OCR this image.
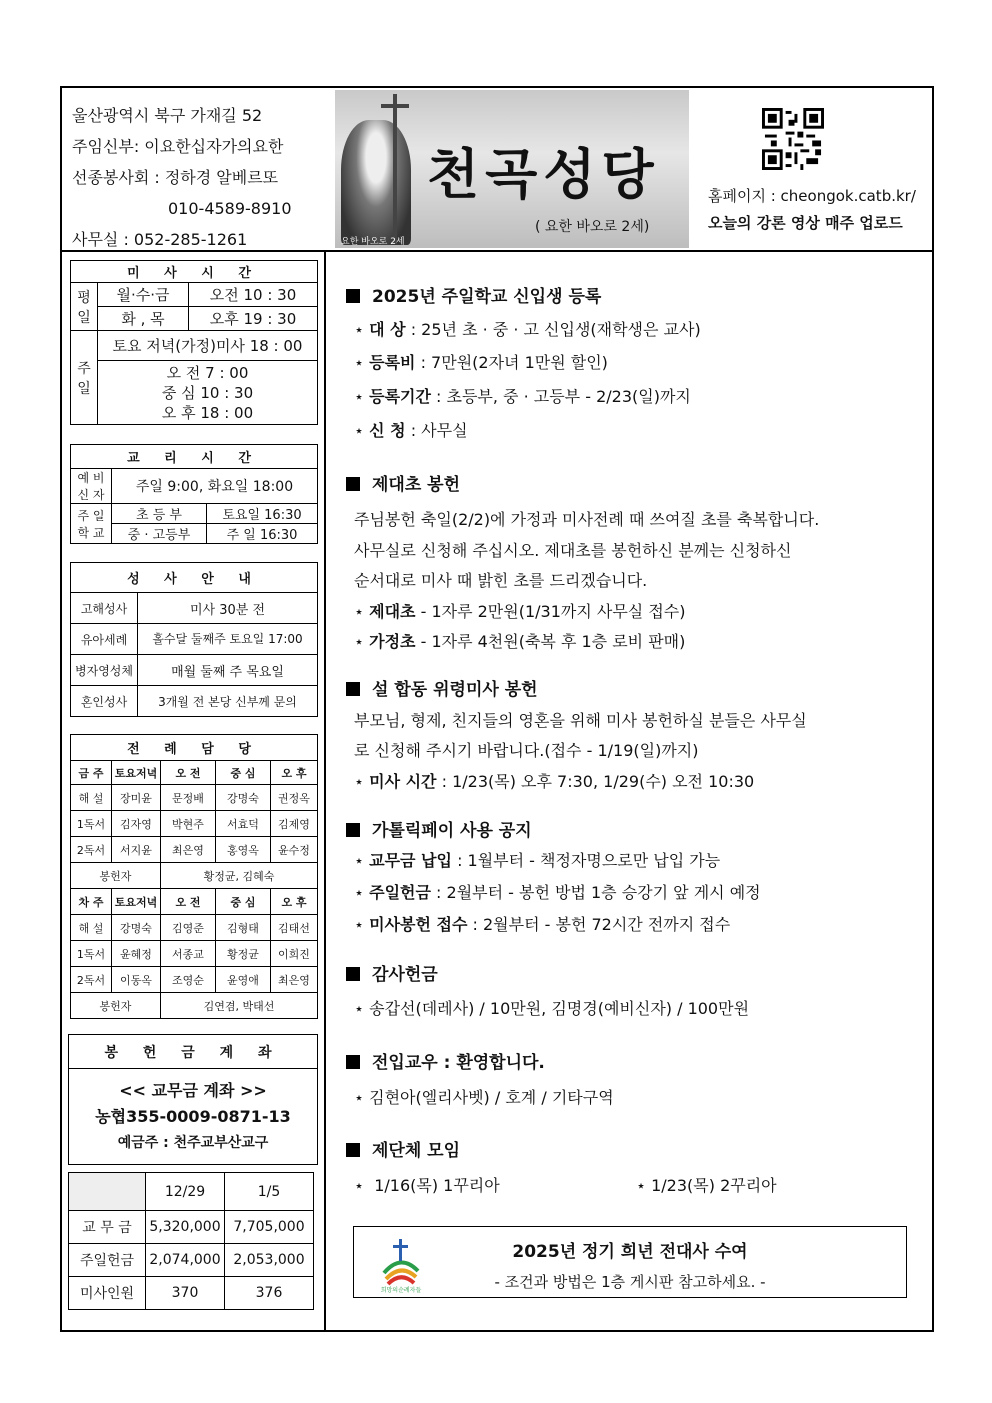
울산광역시 북구 가재길 52
주임신부: 이요한십자가의요한
선종봉사회 : 정하경 알베르또
010-4589-8910
사무실 : 052-285-1261
천곡성당
( 요한 바오로 2세)
요한 바오로 2세
홈페이지 : cheongok.catb.kr/
오늘의 강론 영상 매주 업로드
미 사 시 간		
평 일	월·수·금	오전 10 : 30
	화 , 목	오후 19 : 30
주 일	토요 저녁(가정)미사 18 : 00	

	오 전 7 : 00
중 심 10 : 30
오 후 18 : 00	
교 리 시 간		
예 비 신 자	주일 9:00, 화요일 18:00	
주 일 학 교	초 등 부	토요일 16:30
	중 · 고등부	주 일 16:30
성 사 안 내	
고해성사	미사 30분 전
유아세례	홀수달 둘째주 토요일 17:00
병자영성체	매월 둘째 주 목요일
혼인성사	3개월 전 본당 신부께 문의
전 례 담 당				
금 주	토요저녁	오 전	중 심	오 후
해 설	장미윤	문정배	강명숙	권정옥
1독서	김자영	박현주	서효덕	김제영
2독서	서지윤	최은영	홍영옥	윤수정
봉헌자		황정균, 김혜숙		
차 주	토요저녁	오 전	중 심	오 후
해 설	강명숙	김영준	김형태	김태선
1독서	윤혜정	서종교	황정균	이희진
2독서	이동옥	조영순	윤영애	최은영
봉헌자		김연겸, 박태선		
봉 헌 금 계 좌

<< 교무금 계좌 >>
농협355-0009-0871-13
예금주 : 천주교부산교구
	12/29	1/5
교 무 금	5,320,000	7,705,000
주일헌금	2,074,000	2,053,000
미사인원	370	376
2025년 주일학교 신입생 등록
⋆ 대 상 : 25년 초 · 중 · 고 신입생(재학생은 교사)
⋆ 등록비 : 7만원(2자녀 1만원 할인)
⋆ 등록기간 : 초등부, 중 · 고등부 - 2/23(일)까지
⋆ 신 청 : 사무실
제대초 봉헌
주님봉헌 축일(2/2)에 가정과 미사전례 때 쓰여질 초를 축복합니다.
사무실로 신청해 주십시오. 제대초를 봉헌하신 분께는 신청하신
순서대로 미사 때 밝힌 초를 드리겠습니다.
⋆ 제대초 - 1자루 2만원(1/31까지 사무실 접수)
⋆ 가정초 - 1자루 4천원(축복 후 1층 로비 판매)
설 합동 위령미사 봉헌
부모님, 형제, 친지들의 영혼을 위해 미사 봉헌하실 분들은 사무실
로 신청해 주시기 바랍니다.(접수 - 1/19(일)까지)
⋆ 미사 시간 : 1/23(목) 오후 7:30, 1/29(수) 오전 10:30
가톨릭페이 사용 공지
⋆ 교무금 납입 : 1월부터 - 책정자명으로만 납입 가능
⋆ 주일헌금 : 2월부터 - 봉헌 방법 1층 승강기 앞 게시 예정
⋆ 미사봉헌 접수 : 2월부터 - 봉헌 72시간 전까지 접수
감사헌금
⋆ 송갑선(데레사) / 10만원, 김명경(예비신자) / 100만원
전입교우 : 환영합니다.
⋆ 김현아(엘리사벳) / 호계 / 기타구역
제단체 모임
⋆  1/16(목) 1꾸리아	⋆ 1/23(목) 2꾸리아
희망의순례자들
2025년 정기 희년 전대사 수여
- 조건과 방법은 1층 게시판 참고하세요. -
